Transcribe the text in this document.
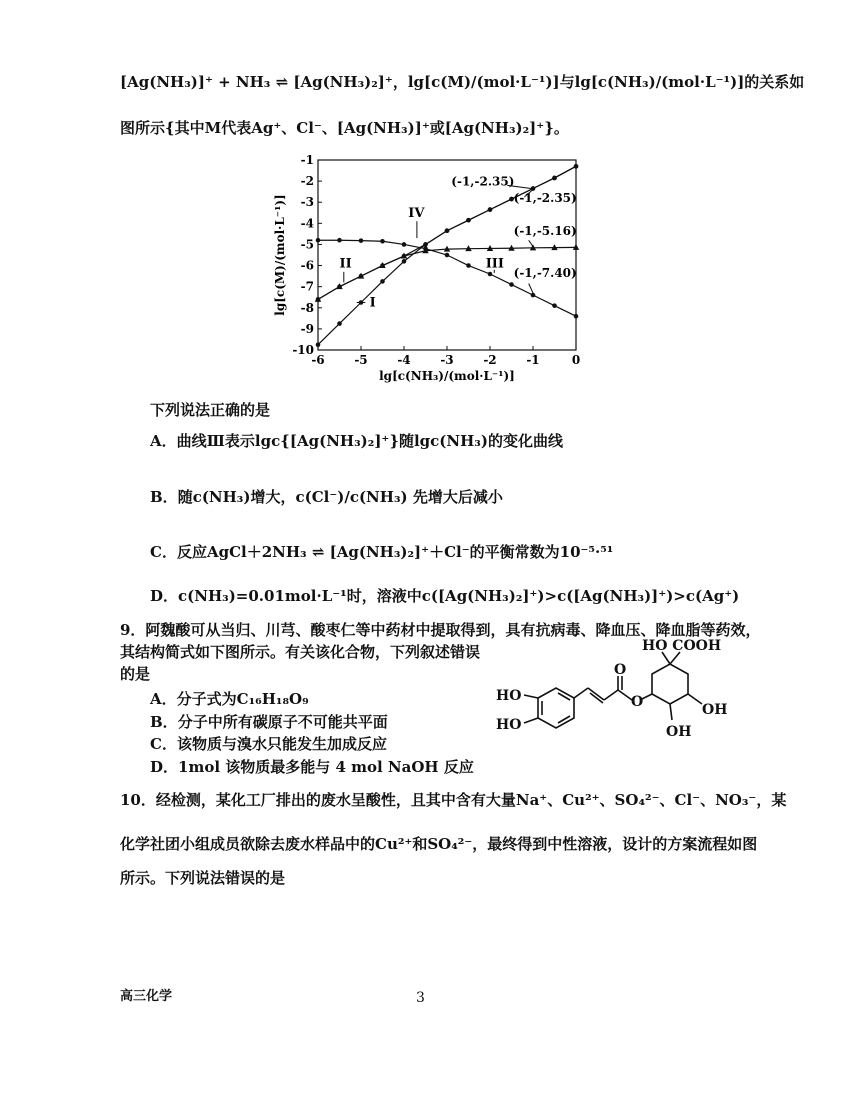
[Ag(NH₃)]⁺ + NH₃ ⇌ [Ag(NH₃)₂]⁺，lg[c(M)/(mol·L⁻¹)]与lg[c(NH₃)/(mol·L⁻¹)]的关系如
图所示{其中M代表Ag⁺、Cl⁻、[Ag(NH₃)]⁺或[Ag(NH₃)₂]⁺}。
-6 -5 -4 -3 -2 -1	0
-1
-2
-3
-4
-5
-6
-7
-8
-9
-10
lg[c(NH₃)/(mol·L⁻¹)]
lg[c(M)/(mol·L⁻¹)]	I
II	III
IV
(-1,-2.35)
(-1,-2.35)
(-1,-5.16)
(-1,-7.40)
下列说法正确的是
A．曲线Ⅲ表示lgc{[Ag(NH₃)₂]⁺}随lgc(NH₃)的变化曲线
B．随c(NH₃)增大，c(Cl⁻)/c(NH₃) 先增大后减小
C．反应AgCl＋2NH₃ ⇌ [Ag(NH₃)₂]⁺＋Cl⁻的平衡常数为10⁻⁵·⁵¹
D．c(NH₃)=0.01mol·L⁻¹时，溶液中c([Ag(NH₃)₂]⁺)>c([Ag(NH₃)]⁺)>c(Ag⁺)
9．阿魏酸可从当归、川芎、酸枣仁等中药材中提取得到，具有抗病毒、降血压、降血脂等药效，
其结构简式如下图所示。有关该化合物，下列叙述错误
的是
A．分子式为C₁₆H₁₈O₉
B．分子中所有碳原子不可能共平面
C．该物质与溴水只能发生加成反应
D．1mol 该物质最多能与 4 mol NaOH 反应
HO
HO
O
O
HO COOH
OH
OH
10．经检测，某化工厂排出的废水呈酸性，且其中含有大量Na⁺、Cu²⁺、SO₄²⁻、Cl⁻、NO₃⁻，某
化学社团小组成员欲除去废水样品中的Cu²⁺和SO₄²⁻，最终得到中性溶液，设计的方案流程如图
所示。下列说法错误的是
高三化学	3
